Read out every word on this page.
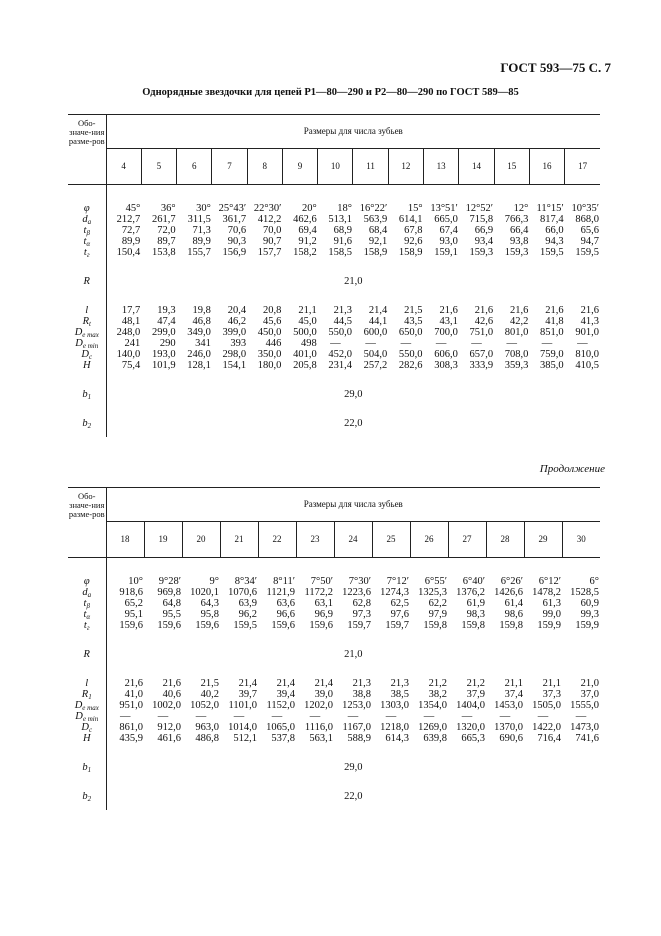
ГОСТ 593—75 С. 7
Однорядные звездочки для цепей Р1—80—290 и Р2—80—290 по ГОСТ 589—85
Обо-значе-ния разме-ров	Размеры для числа зубьев													
	4	5	6	7	8	9	10	11	12	13	14	15	16	17

φ	45°	36°	30°	25°43′	22°30′	20°	18°	16°22′	15°	13°51′	12°52′	12°	11°15′	10°35′
$d_а$	212,7	261,7	311,5	361,7	412,2	462,6	513,1	563,9	614,1	665,0	715,8	766,3	817,4	868,0
$t_\beta$	72,7	72,0	71,3	70,6	70,0	69,4	68,9	68,4	67,8	67,4	66,9	66,4	66,0	65,6
$t_\alpha$	89,9	89,7	89,9	90,3	90,7	91,2	91,6	92,1	92,6	93,0	93,4	93,8	94,3	94,7
$t_г$	150,4	153,8	155,7	156,9	157,7	158,2	158,5	158,9	158,9	159,1	159,3	159,3	159,5	159,5

R	21,0													

l	17,7	19,3	19,8	20,4	20,8	21,1	21,3	21,4	21,5	21,6	21,6	21,6	21,6	21,6
$R_t$	48,1	47,4	46,8	46,2	45,6	45,0	44,5	44,1	43,5	43,1	42,6	42,2	41,8	41,3
$D_{e max}$	248,0	299,0	349,0	399,0	450,0	500,0	550,0	600,0	650,0	700,0	751,0	801,0	851,0	901,0
$D_{e min}$	241	290	341	393	446	498	—	—	—	—	—	—	—	—
$D_c$	140,0	193,0	246,0	298,0	350,0	401,0	452,0	504,0	550,0	606,0	657,0	708,0	759,0	810,0
H	75,4	101,9	128,1	154,1	180,0	205,8	231,4	257,2	282,6	308,3	333,9	359,3	385,0	410,5

$b_1$	29,0													

$b_2$	22,0													

Продолжение
Обо-значе-ния разме-ров	Размеры для числа зубьев												
	18	19	20	21	22	23	24	25	26	27	28	29	30

φ	10°	9°28′	9°	8°34′	8°11′	7°50′	7°30′	7°12′	6°55′	6°40′	6°26′	6°12′	6°
$d_а$	918,6	969,8	1020,1	1070,6	1121,9	1172,2	1223,6	1274,3	1325,3	1376,2	1426,6	1478,2	1528,5
$t_\beta$	65,2	64,8	64,3	63,9	63,6	63,1	62,8	62,5	62,2	61,9	61,4	61,3	60,9
$t_\alpha$	95,1	95,5	95,8	96,2	96,6	96,9	97,3	97,6	97,9	98,3	98,6	99,0	99,3
$t_г$	159,6	159,6	159,6	159,5	159,6	159,6	159,7	159,7	159,8	159,8	159,8	159,9	159,9

R	21,0												

l	21,6	21,6	21,5	21,4	21,4	21,4	21,3	21,3	21,2	21,2	21,1	21,1	21,0
$R_1$	41,0	40,6	40,2	39,7	39,4	39,0	38,8	38,5	38,2	37,9	37,4	37,3	37,0
$D_{e max}$	951,0	1002,0	1052,0	1101,0	1152,0	1202,0	1253,0	1303,0	1354,0	1404,0	1453,0	1505,0	1555,0
$D_{e min}$	—	—	—	—	—	—	—	—	—	—	—	—	—
$D_c$	861,0	912,0	963,0	1014,0	1065,0	1116,0	1167,0	1218,0	1269,0	1320,0	1370,0	1422,0	1473,0
H	435,9	461,6	486,8	512,1	537,8	563,1	588,9	614,3	639,8	665,3	690,6	716,4	741,6

$b_1$	29,0												

$b_2$	22,0												
